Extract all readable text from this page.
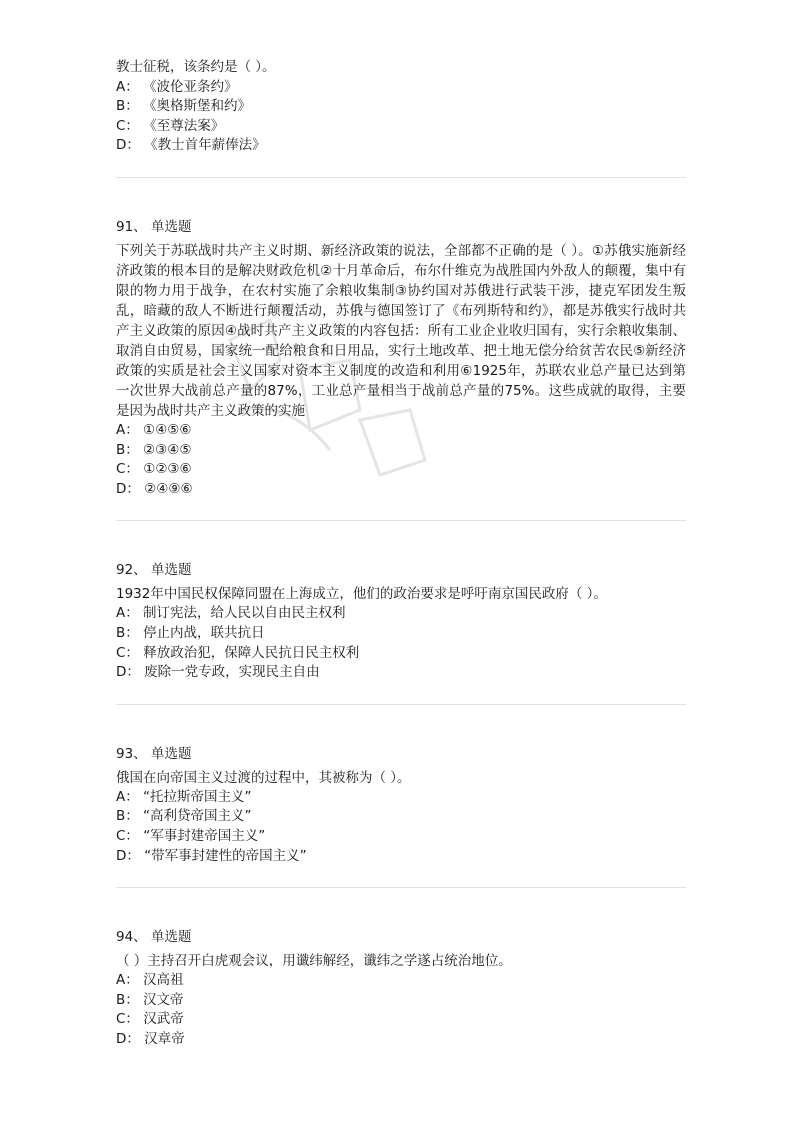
教士征税，该条约是（ ）。
A： 《波伦亚条约》
B： 《奥格斯堡和约》
C： 《至尊法案》
D： 《教士首年薪俸法》
91、 单选题
下列关于苏联战时共产主义时期、新经济政策的说法，全部都不正确的是（ ）。①苏俄实施新经济政策的根本目的是解决财政危机②十月革命后，布尔什维克为战胜国内外敌人的颠覆，集中有限的物力用于战争，在农村实施了余粮收集制③协约国对苏俄进行武装干涉，捷克军团发生叛乱，暗藏的敌人不断进行颠覆活动，苏俄与德国签订了《布列斯特和约》，都是苏俄实行战时共产主义政策的原因④战时共产主义政策的内容包括：所有工业企业收归国有，实行余粮收集制、取消自由贸易，国家统一配给粮食和日用品，实行土地改革、把土地无偿分给贫苦农民⑤新经济政策的实质是社会主义国家对资本主义制度的改造和利用⑥1925年，苏联农业总产量已达到第一次世界大战前总产量的87%，工业总产量相当于战前总产量的75%。这些成就的取得，主要是因为战时共产主义政策的实施
A： ①④⑤⑥
B： ②③④⑤
C： ①②③⑥
D： ②④⑨⑥
92、 单选题
1932年中国民权保障同盟在上海成立，他们的政治要求是呼吁南京国民政府（ ）。
A： 制订宪法，给人民以自由民主权利
B： 停止内战，联共抗日
C： 释放政治犯，保障人民抗日民主权利
D： 废除一党专政，实现民主自由
93、 单选题
俄国在向帝国主义过渡的过程中，其被称为（ ）。
A： “托拉斯帝国主义”
B： “高利贷帝国主义”
C： “军事封建帝国主义”
D： “带军事封建性的帝国主义”
94、 单选题
（ ）主持召开白虎观会议，用谶纬解经，谶纬之学遂占统治地位。
A： 汉高祖
B： 汉文帝
C： 汉武帝
D： 汉章帝
